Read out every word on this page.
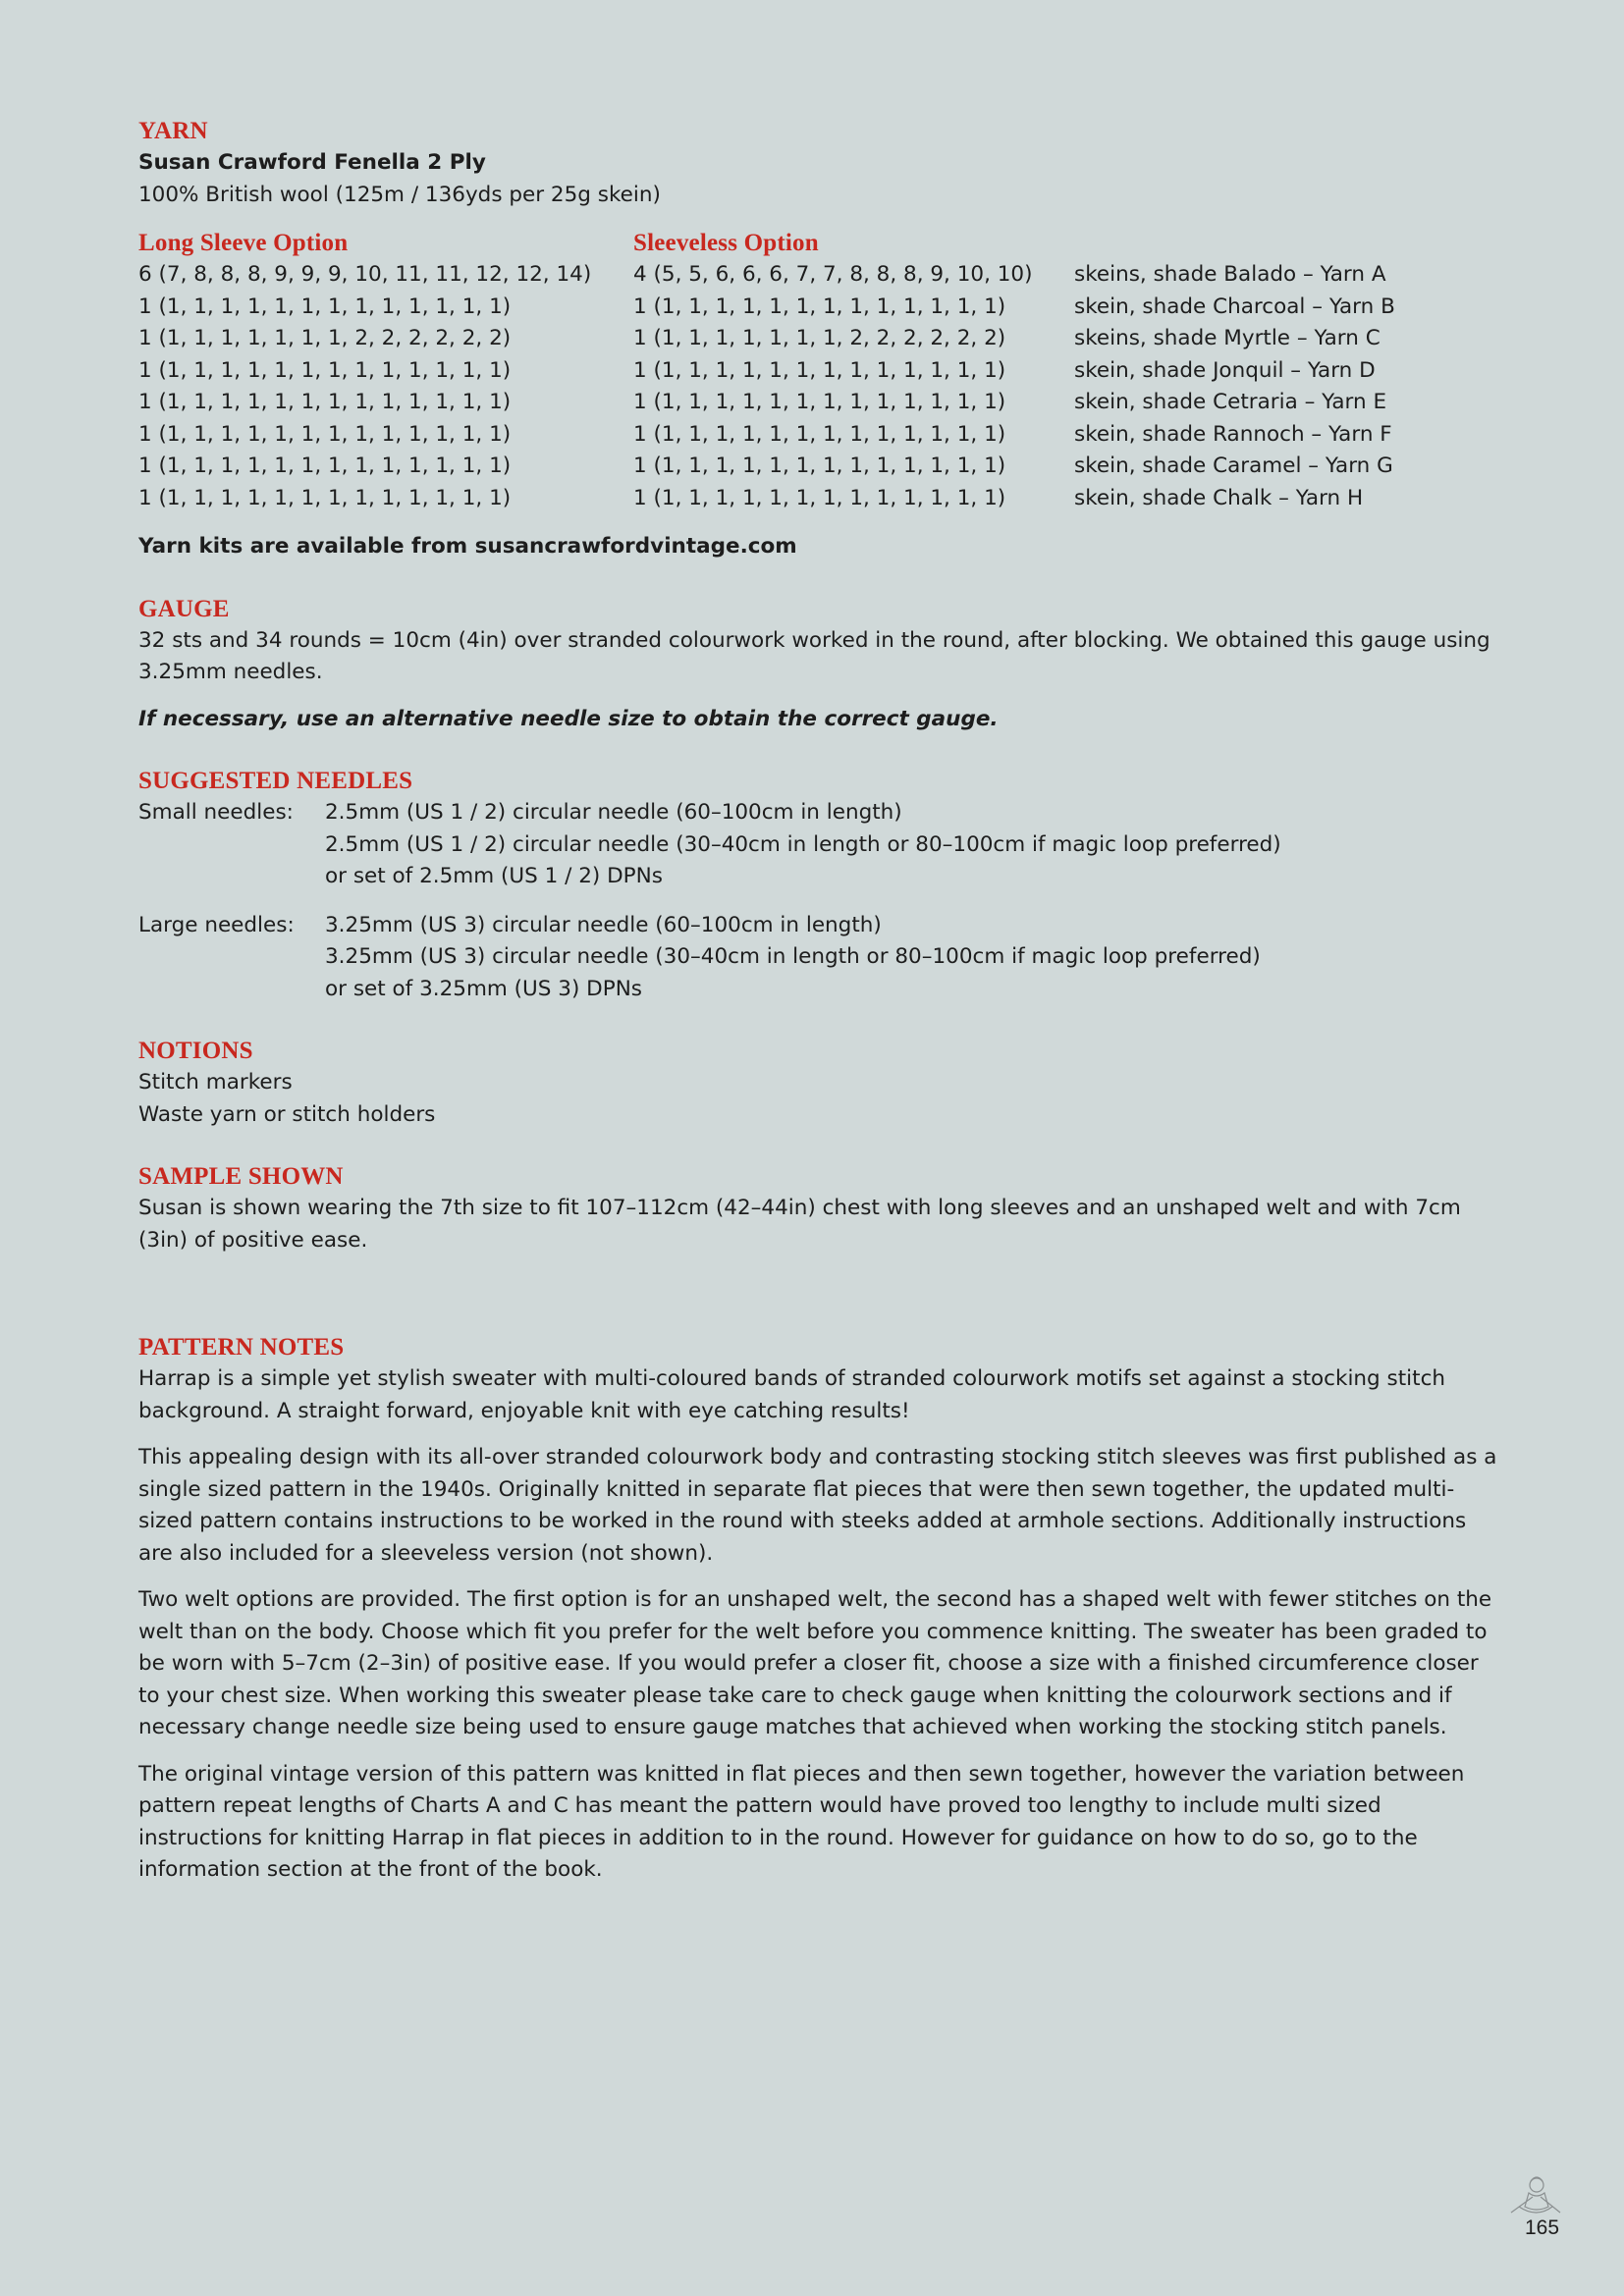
YARN

Susan Crawford Fenella 2 Ply

100% British wool (125m / 136yds per 25g skein)

Long Sleeve Option	Sleeveless Option
6 (7, 8, 8, 8, 9, 9, 9, 10, 11, 11, 12, 12, 14)	4 (5, 5, 6, 6, 6, 7, 7, 8, 8, 8, 9, 10, 10)	skeins, shade Balado – Yarn A
1 (1, 1, 1, 1, 1, 1, 1, 1, 1, 1, 1, 1, 1)	1 (1, 1, 1, 1, 1, 1, 1, 1, 1, 1, 1, 1, 1)	skein, shade Charcoal – Yarn B
1 (1, 1, 1, 1, 1, 1, 1, 2, 2, 2, 2, 2, 2)	1 (1, 1, 1, 1, 1, 1, 1, 2, 2, 2, 2, 2, 2)	skeins, shade Myrtle – Yarn C
1 (1, 1, 1, 1, 1, 1, 1, 1, 1, 1, 1, 1, 1)	1 (1, 1, 1, 1, 1, 1, 1, 1, 1, 1, 1, 1, 1)	skein, shade Jonquil – Yarn D
1 (1, 1, 1, 1, 1, 1, 1, 1, 1, 1, 1, 1, 1)	1 (1, 1, 1, 1, 1, 1, 1, 1, 1, 1, 1, 1, 1)	skein, shade Cetraria – Yarn E
1 (1, 1, 1, 1, 1, 1, 1, 1, 1, 1, 1, 1, 1)	1 (1, 1, 1, 1, 1, 1, 1, 1, 1, 1, 1, 1, 1)	skein, shade Rannoch – Yarn F
1 (1, 1, 1, 1, 1, 1, 1, 1, 1, 1, 1, 1, 1)	1 (1, 1, 1, 1, 1, 1, 1, 1, 1, 1, 1, 1, 1)	skein, shade Caramel – Yarn G
1 (1, 1, 1, 1, 1, 1, 1, 1, 1, 1, 1, 1, 1)	1 (1, 1, 1, 1, 1, 1, 1, 1, 1, 1, 1, 1, 1)	skein, shade Chalk – Yarn H

Yarn kits are available from susancrawfordvintage.com

GAUGE

32 sts and 34 rounds = 10cm (4in) over stranded colourwork worked in the round, after blocking. We obtained this gauge using 3.25mm needles.

If necessary, use an alternative needle size to obtain the correct gauge.

SUGGESTED NEEDLES
Small needles:	2.5mm (US 1 / 2) circular needle (60–100cm in length)

2.5mm (US 1 / 2) circular needle (30–40cm in length or 80–100cm if magic loop preferred)

or set of 2.5mm (US 1 / 2) DPNs

Large needles:	3.25mm (US 3) circular needle (60–100cm in length)

3.25mm (US 3) circular needle (30–40cm in length or 80–100cm if magic loop preferred)

or set of 3.25mm (US 3) DPNs

NOTIONS

Stitch markers

Waste yarn or stitch holders

SAMPLE SHOWN

Susan is shown wearing the 7th size to fit 107–112cm (42–44in) chest with long sleeves and an unshaped welt and with 7cm (3in) of positive ease.

PATTERN NOTES

Harrap is a simple yet stylish sweater with multi-coloured bands of stranded colourwork motifs set against a stocking stitch background. A straight forward, enjoyable knit with eye catching results!

This appealing design with its all-over stranded colourwork body and contrasting stocking stitch sleeves was first published as a single sized pattern in the 1940s. Originally knitted in separate flat pieces that were then sewn together, the updated multi-sized pattern contains instructions to be worked in the round with steeks added at armhole sections. Additionally instructions are also included for a sleeveless version (not shown).

Two welt options are provided. The first option is for an unshaped welt, the second has a shaped welt with fewer stitches on the welt than on the body. Choose which fit you prefer for the welt before you commence knitting. The sweater has been graded to be worn with 5–7cm (2–3in) of positive ease. If you would prefer a closer fit, choose a size with a finished circumference closer to your chest size. When working this sweater please take care to check gauge when knitting the colourwork sections and if necessary change needle size being used to ensure gauge matches that achieved when working the stocking stitch panels.

The original vintage version of this pattern was knitted in flat pieces and then sewn together, however the variation between pattern repeat lengths of Charts A and C has meant the pattern would have proved too lengthy to include multi sized instructions for knitting Harrap in flat pieces in addition to in the round. However for guidance on how to do so, go to the information section at the front of the book.

165
